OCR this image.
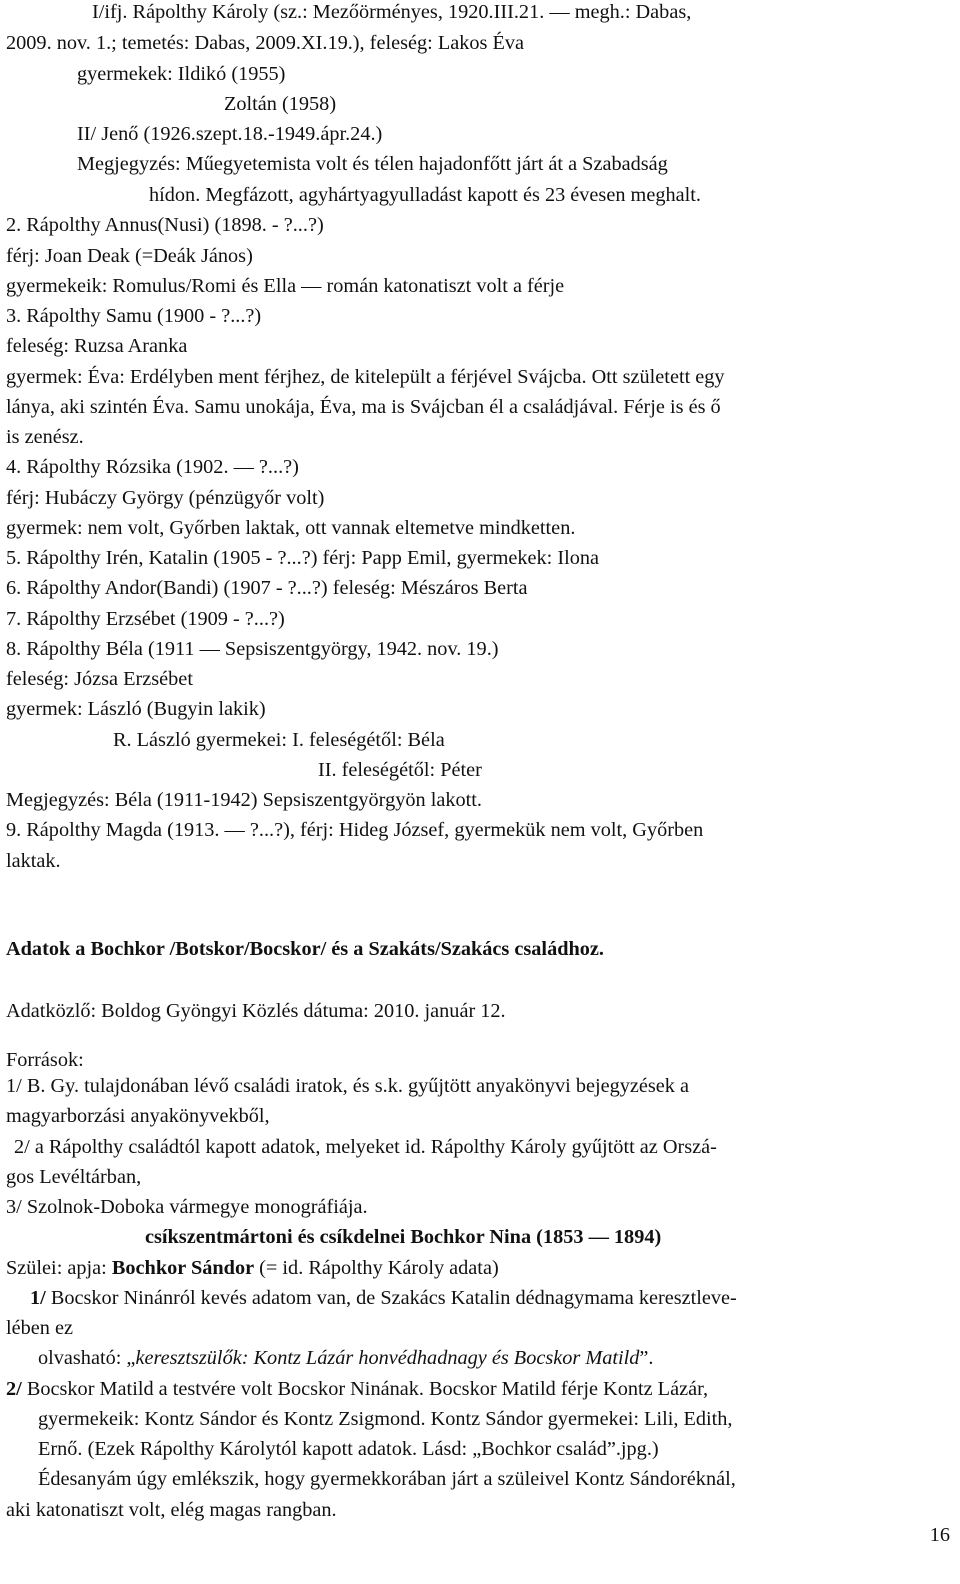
I/ifj. Rápolthy Károly (sz.: Mezőörményes, 1920.III.21. ― megh.: Dabas,
2009. nov. 1.; temetés: Dabas, 2009.XI.19.), feleség: Lakos Éva
gyermekek: Ildikó (1955)
Zoltán (1958)
II/ Jenő (1926.szept.18.-1949.ápr.24.)
Megjegyzés: Műegyetemista volt és télen hajadonfőtt járt át a Szabadság
hídon. Megfázott, agyhártyagyulladást kapott és 23 évesen meghalt.
2. Rápolthy Annus(Nusi) (1898. - ?...?)
férj: Joan Deak (=Deák János)
gyermekeik: Romulus/Romi és Ella ― román katonatiszt volt a férje
3. Rápolthy Samu (1900 - ?...?)
feleség: Ruzsa Aranka
gyermek: Éva: Erdélyben ment férjhez, de kitelepült a férjével Svájcba. Ott született egy
lánya, aki szintén Éva. Samu unokája, Éva, ma is Svájcban él a családjával. Férje is és ő
is zenész.
4. Rápolthy Rózsika (1902. ― ?...?)
férj: Hubáczy György (pénzügyőr volt)
gyermek: nem volt, Győrben laktak, ott vannak eltemetve mindketten.
5. Rápolthy Irén, Katalin (1905 - ?...?) férj: Papp Emil, gyermekek: Ilona
6. Rápolthy Andor(Bandi) (1907 - ?...?) feleség: Mészáros Berta
7. Rápolthy Erzsébet (1909 - ?...?)
8. Rápolthy Béla (1911 ― Sepsiszentgyörgy, 1942. nov. 19.)
feleség: Józsa Erzsébet
gyermek: László (Bugyin lakik)
R. László gyermekei: I. feleségétől: Béla
II. feleségétől: Péter
Megjegyzés: Béla (1911-1942) Sepsiszentgyörgyön lakott.
9. Rápolthy Magda (1913. ― ?...?), férj: Hideg József, gyermekük nem volt, Győrben
laktak.
Adatok a Bochkor /Botskor/Bocskor/ és a Szakáts/Szakács családhoz.
Adatközlő: Boldog Gyöngyi Közlés dátuma: 2010. január 12.
Források:
1/ B. Gy. tulajdonában lévő családi iratok, és s.k. gyűjtött anyakönyvi bejegyzések a
magyarborzási anyakönyvekből,
2/ a Rápolthy családtól kapott adatok, melyeket id. Rápolthy Károly gyűjtött az Orszá-
gos Levéltárban,
3/ Szolnok-Doboka vármegye monográfiája.
csíkszentmártoni és csíkdelnei Bochkor Nina (1853 ― 1894)
Szülei: apja: Bochkor Sándor (= id. Rápolthy Károly adata)
1/ Bocskor Ninánról kevés adatom van, de Szakács Katalin dédnagymama keresztleve-
lében ez
olvasható: „keresztszülők: Kontz Lázár honvédhadnagy és Bocskor Matild”.
2/ Bocskor Matild a testvére volt Bocskor Ninának. Bocskor Matild férje Kontz Lázár,
gyermekeik: Kontz Sándor és Kontz Zsigmond. Kontz Sándor gyermekei: Lili, Edith,
Ernő. (Ezek Rápolthy Károlytól kapott adatok. Lásd: „Bochkor család”.jpg.)
Édesanyám úgy emlékszik, hogy gyermekkorában járt a szüleivel Kontz Sándoréknál,
aki katonatiszt volt, elég magas rangban.
16
